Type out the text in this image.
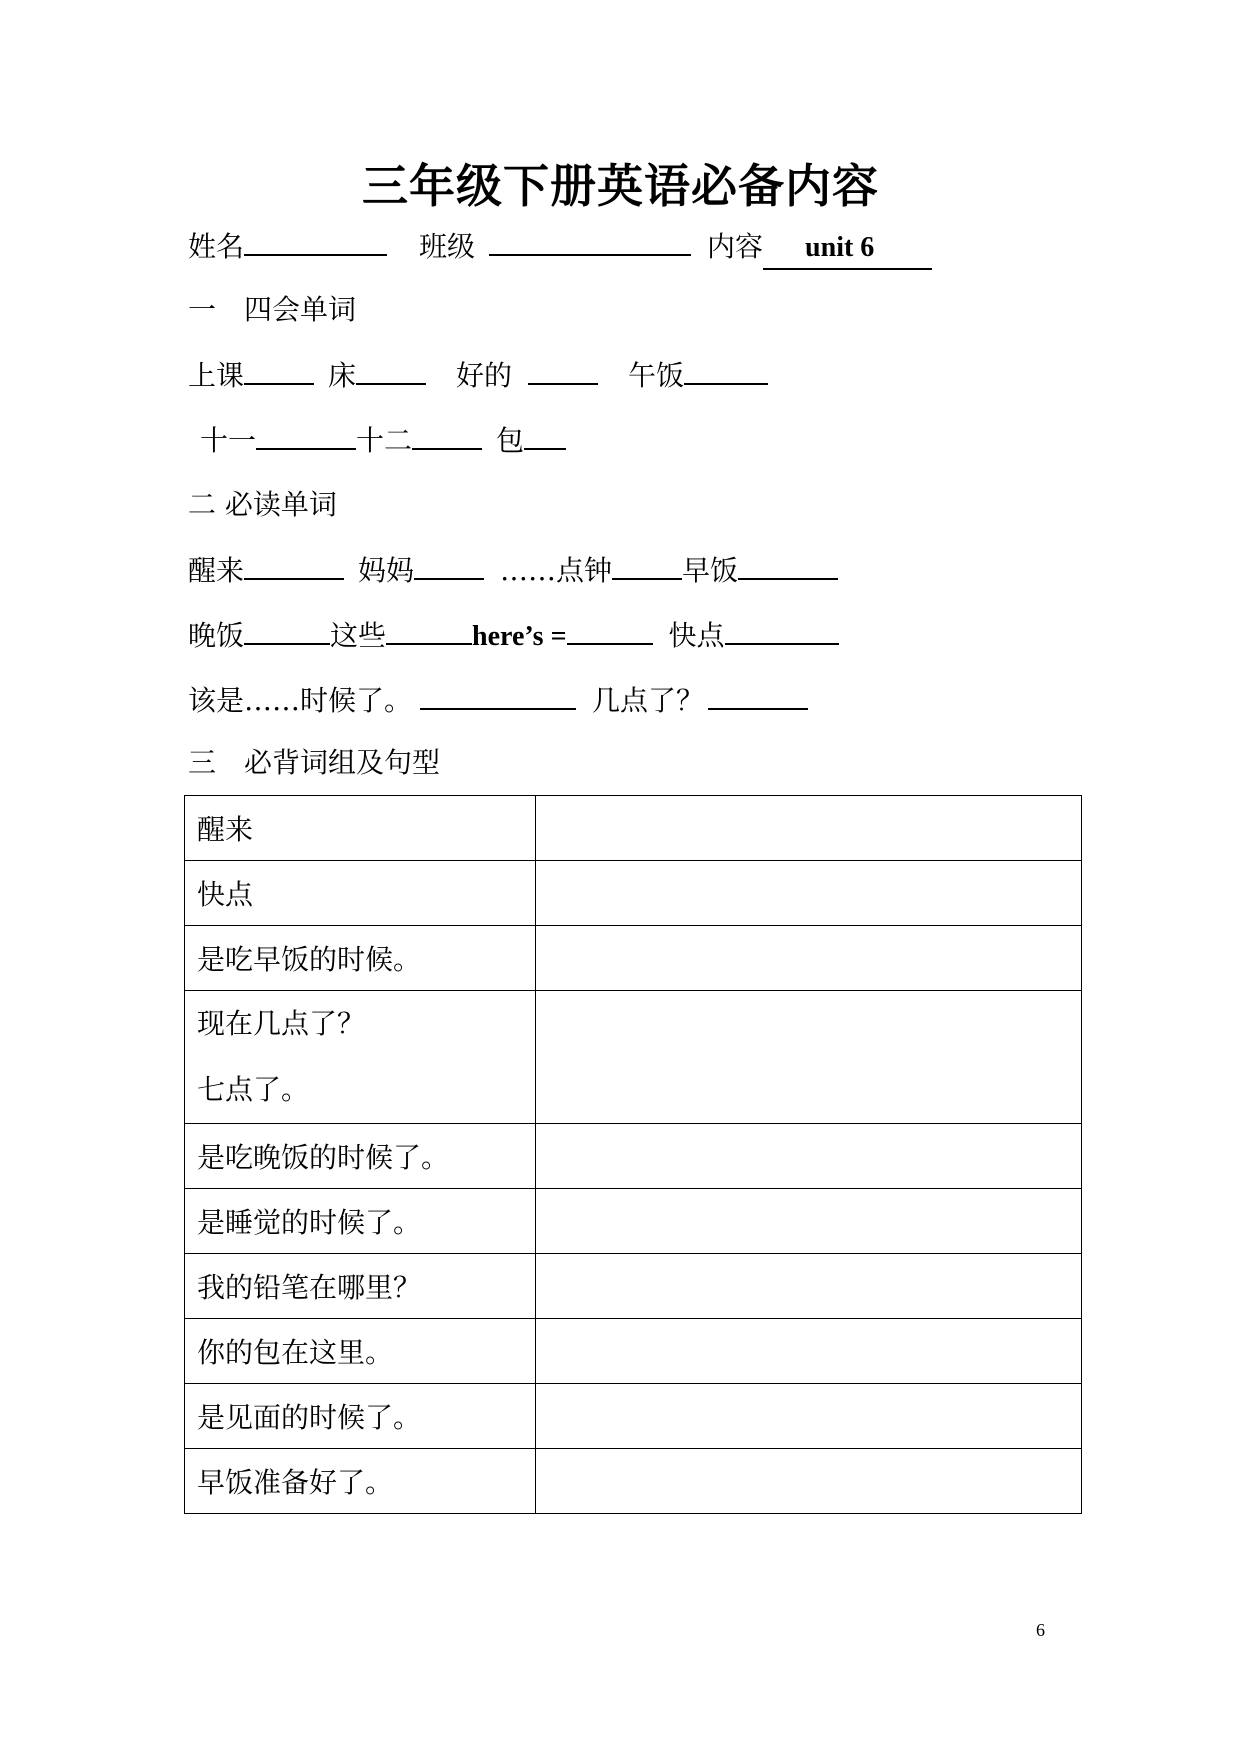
三年级下册英语必备内容
姓名	班级	内容 unit 6
一　四会单词
上课	床	好的	午饭
十一	十二	包
二 必读单词
醒来	妈妈	……点钟	早饭
晚饭	这些	here’s =	快点
该是……时候了。	几点了？
三　必背词组及句型
醒来	
快点	
是吃早饭的时候。	

现在几点了？
七点了。	

是吃晚饭的时候了。	
是睡觉的时候了。	
我的铅笔在哪里？	
你的包在这里。	
是见面的时候了。	
早饭准备好了。	
6
